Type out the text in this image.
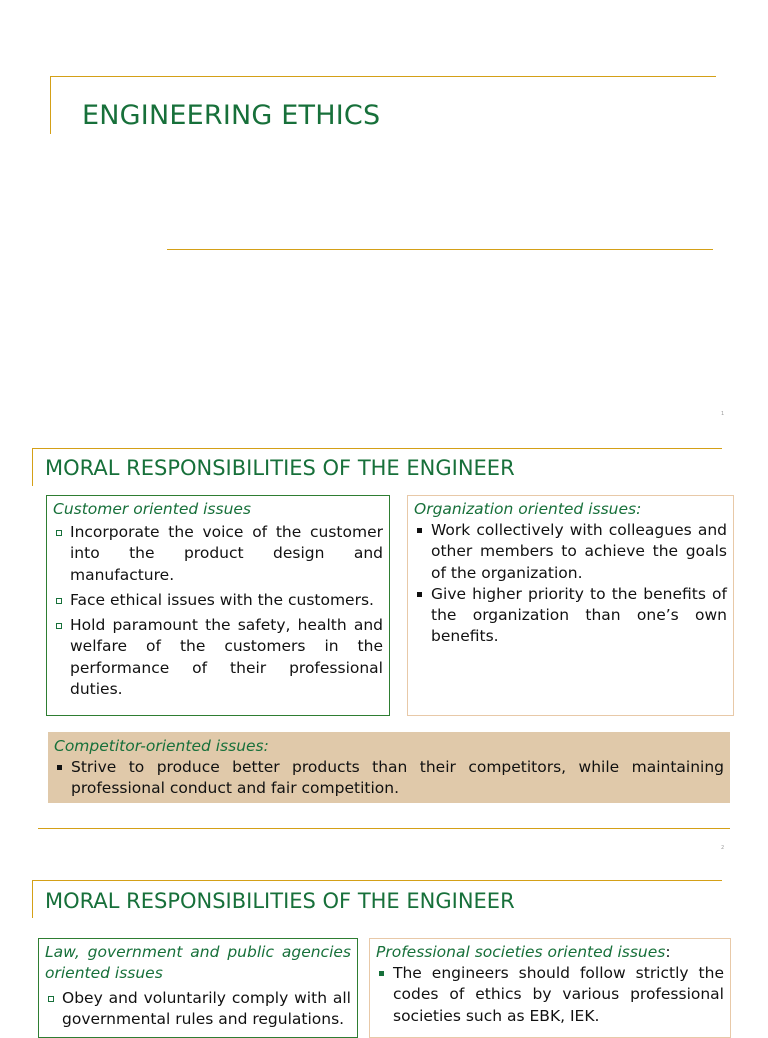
ENGINEERING ETHICS
1
MORAL RESPONSIBILITIES OF THE ENGINEER
Customer oriented issues
Incorporate the voice of the customer into the product design and manufacture.
Face ethical issues with the customers.
Hold paramount the safety, health and welfare of the customers in the performance of their professional duties.
Organization oriented issues:
Work collectively with colleagues and other members to achieve the goals of the organization.
Give higher priority to the benefits of the organization than one’s own benefits.
Competitor-oriented issues:
Strive to produce better products than their competitors, while maintaining professional conduct and fair competition.
2
MORAL RESPONSIBILITIES OF THE ENGINEER
Law, government and public agencies oriented issues
Obey and voluntarily comply with all governmental rules and regulations.
Professional societies oriented issues:
The engineers should follow strictly the codes of ethics by various professional societies such as EBK, IEK.
